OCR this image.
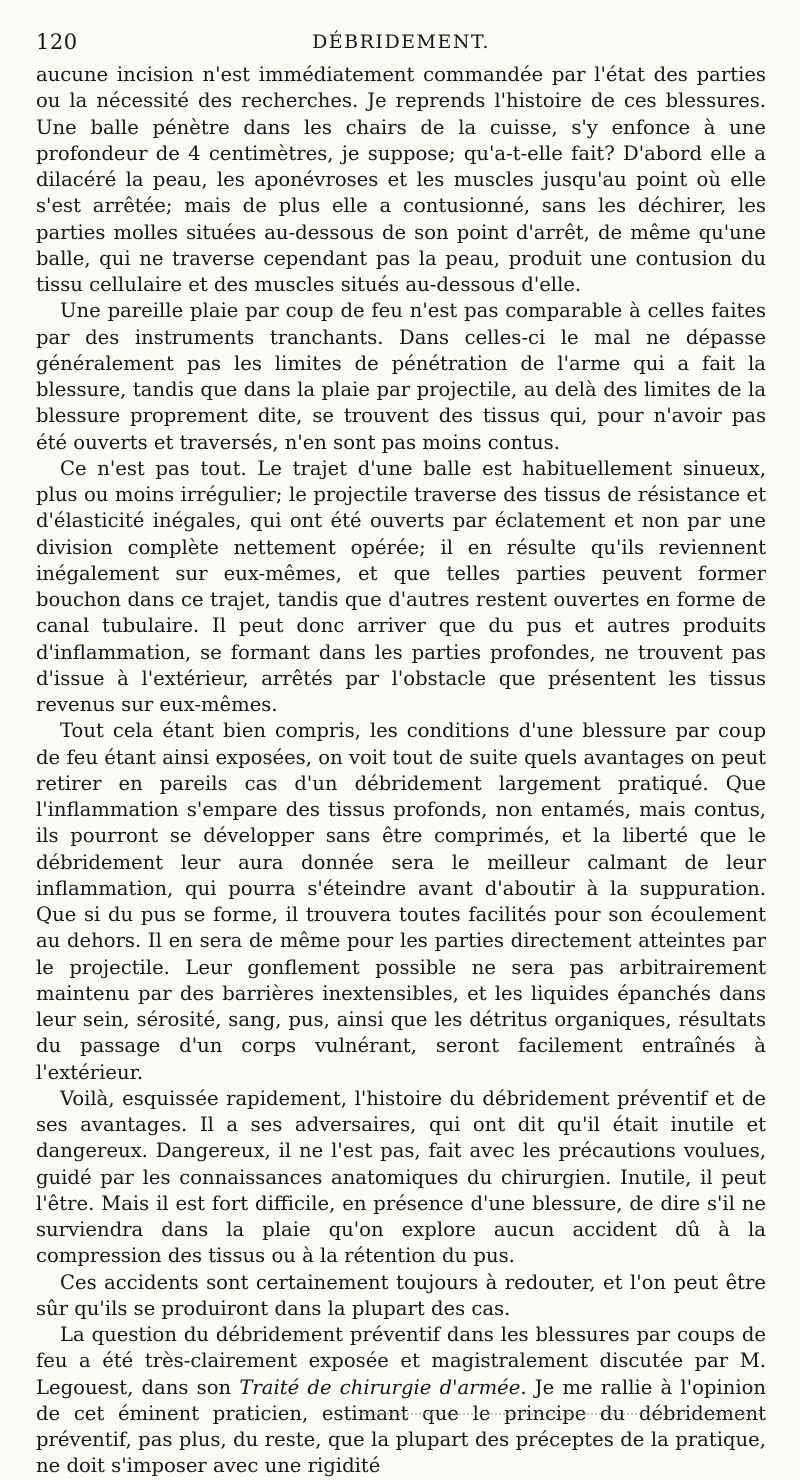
120	DÉBRIDEMENT.

aucune incision n'est immédiatement commandée par l'état des parties ou la nécessité des recherches. Je reprends l'histoire de ces blessures. Une balle pénètre dans les chairs de la cuisse, s'y enfonce à une profondeur de 4 centimètres, je suppose; qu'a-t-elle fait? D'abord elle a dilacéré la peau, les aponévroses et les muscles jusqu'au point où elle s'est arrêtée; mais de plus elle a contusionné, sans les déchirer, les parties molles situées au-dessous de son point d'arrêt, de même qu'une balle, qui ne traverse cependant pas la peau, produit une contusion du tissu cellulaire et des muscles situés au-dessous d'elle.

Une pareille plaie par coup de feu n'est pas comparable à celles faites par des instruments tranchants. Dans celles-ci le mal ne dépasse généralement pas les limites de pénétration de l'arme qui a fait la blessure, tandis que dans la plaie par projectile, au delà des limites de la blessure proprement dite, se trouvent des tissus qui, pour n'avoir pas été ouverts et traversés, n'en sont pas moins contus.

Ce n'est pas tout. Le trajet d'une balle est habituellement sinueux, plus ou moins irrégulier; le projectile traverse des tissus de résistance et d'élasticité inégales, qui ont été ouverts par éclatement et non par une division complète nettement opérée; il en résulte qu'ils reviennent inégalement sur eux-mêmes, et que telles parties peuvent former bouchon dans ce trajet, tandis que d'autres restent ouvertes en forme de canal tubulaire. Il peut donc arriver que du pus et autres produits d'inflammation, se formant dans les parties profondes, ne trouvent pas d'issue à l'extérieur, arrêtés par l'obstacle que présentent les tissus revenus sur eux-mêmes.

Tout cela étant bien compris, les conditions d'une blessure par coup de feu étant ainsi exposées, on voit tout de suite quels avantages on peut retirer en pareils cas d'un débridement largement pratiqué. Que l'inflammation s'empare des tissus profonds, non entamés, mais contus, ils pourront se développer sans être comprimés, et la liberté que le débridement leur aura donnée sera le meilleur calmant de leur inflammation, qui pourra s'éteindre avant d'aboutir à la suppuration. Que si du pus se forme, il trouvera toutes facilités pour son écoulement au dehors. Il en sera de même pour les parties directement atteintes par le projectile. Leur gonflement possible ne sera pas arbitrairement maintenu par des barrières inextensibles, et les liquides épanchés dans leur sein, sérosité, sang, pus, ainsi que les détritus organiques, résultats du passage d'un corps vulnérant, seront facilement entraînés à l'extérieur.

Voilà, esquissée rapidement, l'histoire du débridement préventif et de ses avantages. Il a ses adversaires, qui ont dit qu'il était inutile et dangereux. Dangereux, il ne l'est pas, fait avec les précautions voulues, guidé par les connaissances anatomiques du chirurgien. Inutile, il peut l'être. Mais il est fort difficile, en présence d'une blessure, de dire s'il ne surviendra dans la plaie qu'on explore aucun accident dû à la compression des tissus ou à la rétention du pus.

Ces accidents sont certainement toujours à redouter, et l'on peut être sûr qu'ils se produiront dans la plupart des cas.

La question du débridement préventif dans les blessures par coups de feu a été très-clairement exposée et magistralement discutée par M. Legouest, dans son Traité de chirurgie d'armée. Je me rallie à l'opinion de cet éminent praticien, estimant que le principe du débridement préventif, pas plus, du reste, que la plupart des préceptes de la pratique, ne doit s'imposer avec une rigidité
